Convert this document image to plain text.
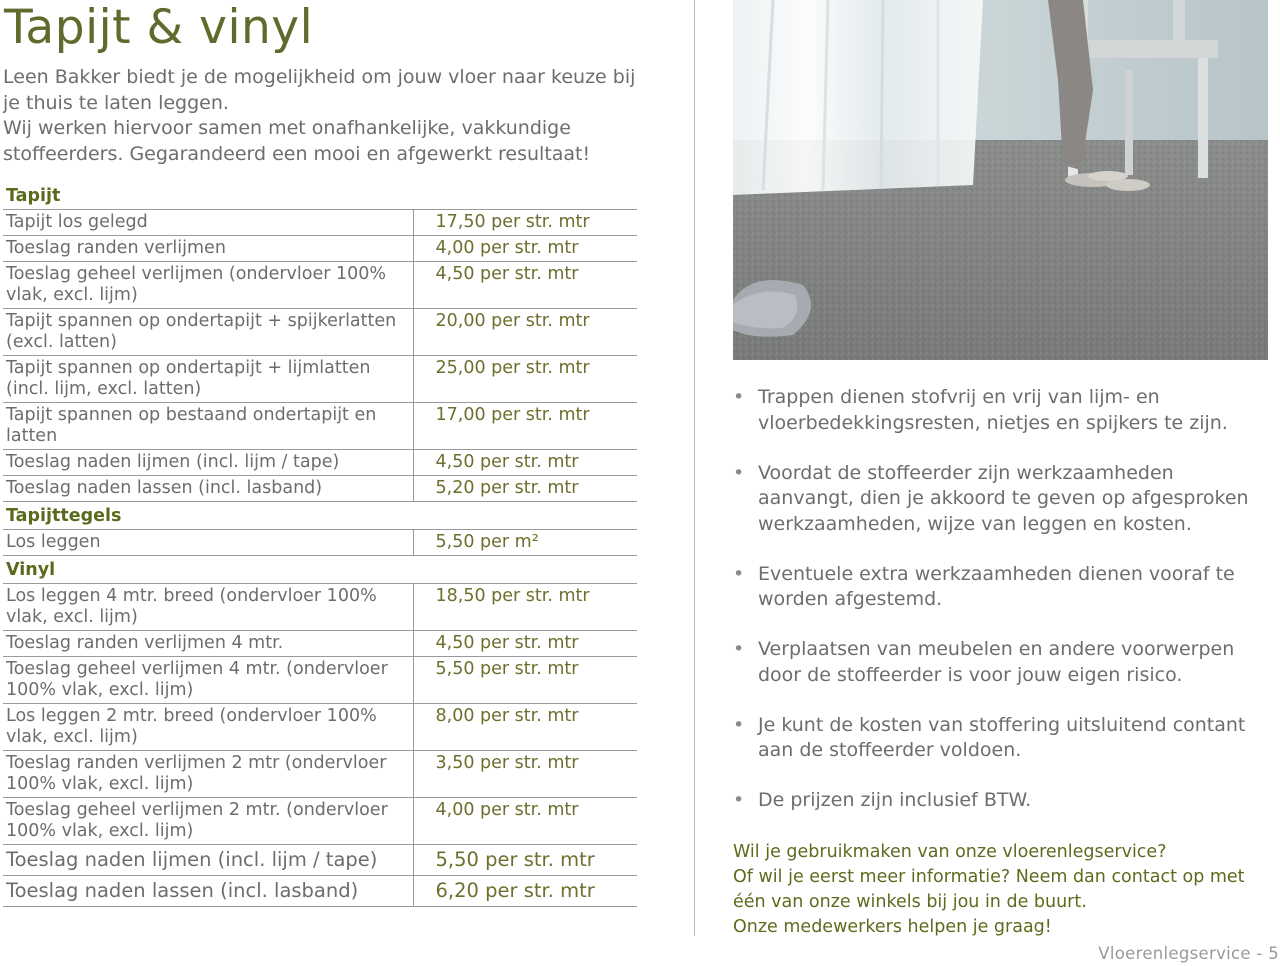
Tapijt & vinyl

Leen Bakker biedt je de mogelijkheid om jouw vloer naar keuze bij je thuis te laten leggen.
Wij werken hiervoor samen met onafhankelijke, vakkundige stoffeerders. Gegarandeerd een mooi en afgewerkt resultaat!

Tapijt	
Tapijt los gelegd	17,50 per str. mtr
Toeslag randen verlijmen	4,00 per str. mtr
Toeslag geheel verlijmen (ondervloer 100% vlak, excl. lijm)	4,50 per str. mtr
Tapijt spannen op ondertapijt + spijkerlatten (excl. latten)	20,00 per str. mtr
Tapijt spannen op ondertapijt + lijmlatten (incl. lijm, excl. latten)	25,00 per str. mtr
Tapijt spannen op bestaand ondertapijt en latten	17,00 per str. mtr
Toeslag naden lijmen (incl. lijm / tape)	4,50 per str. mtr
Toeslag naden lassen (incl. lasband)	5,20 per str. mtr
Tapijttegels	
Los leggen	5,50 per m²
Vinyl	
Los leggen 4 mtr. breed (ondervloer 100% vlak, excl. lijm)	18,50 per str. mtr
Toeslag randen verlijmen 4 mtr.	4,50 per str. mtr
Toeslag geheel verlijmen 4 mtr. (ondervloer 100% vlak, excl. lijm)	5,50 per str. mtr
Los leggen 2 mtr. breed (ondervloer 100% vlak, excl. lijm)	8,00 per str. mtr
Toeslag randen verlijmen 2 mtr (ondervloer 100% vlak, excl. lijm)	3,50 per str. mtr
Toeslag geheel verlijmen 2 mtr. (ondervloer 100% vlak, excl. lijm)	4,00 per str. mtr
Toeslag naden lijmen (incl. lijm / tape)	5,50 per str. mtr
Toeslag naden lassen (incl. lasband)	6,20 per str. mtr
• Trappen dienen stofvrij en vrij van lijm- en vloerbedekkingsresten, nietjes en spijkers te zijn.
• Voordat de stoffeerder zijn werkzaamheden aanvangt, dien je akkoord te geven op afgesproken werkzaamheden, wijze van leggen en kosten.
• Eventuele extra werkzaamheden dienen vooraf te worden afgestemd.
• Verplaatsen van meubelen en andere voorwerpen door de stoffeerder is voor jouw eigen risico.
• Je kunt de kosten van stoffering uitsluitend contant aan de stoffeerder voldoen.
• De prijzen zijn inclusief BTW.

Wil je gebruikmaken van onze vloerenlegservice?
Of wil je eerst meer informatie? Neem dan contact op met één van onze winkels bij jou in de buurt.
Onze medewerkers helpen je graag!

Vloerenlegservice - 5
